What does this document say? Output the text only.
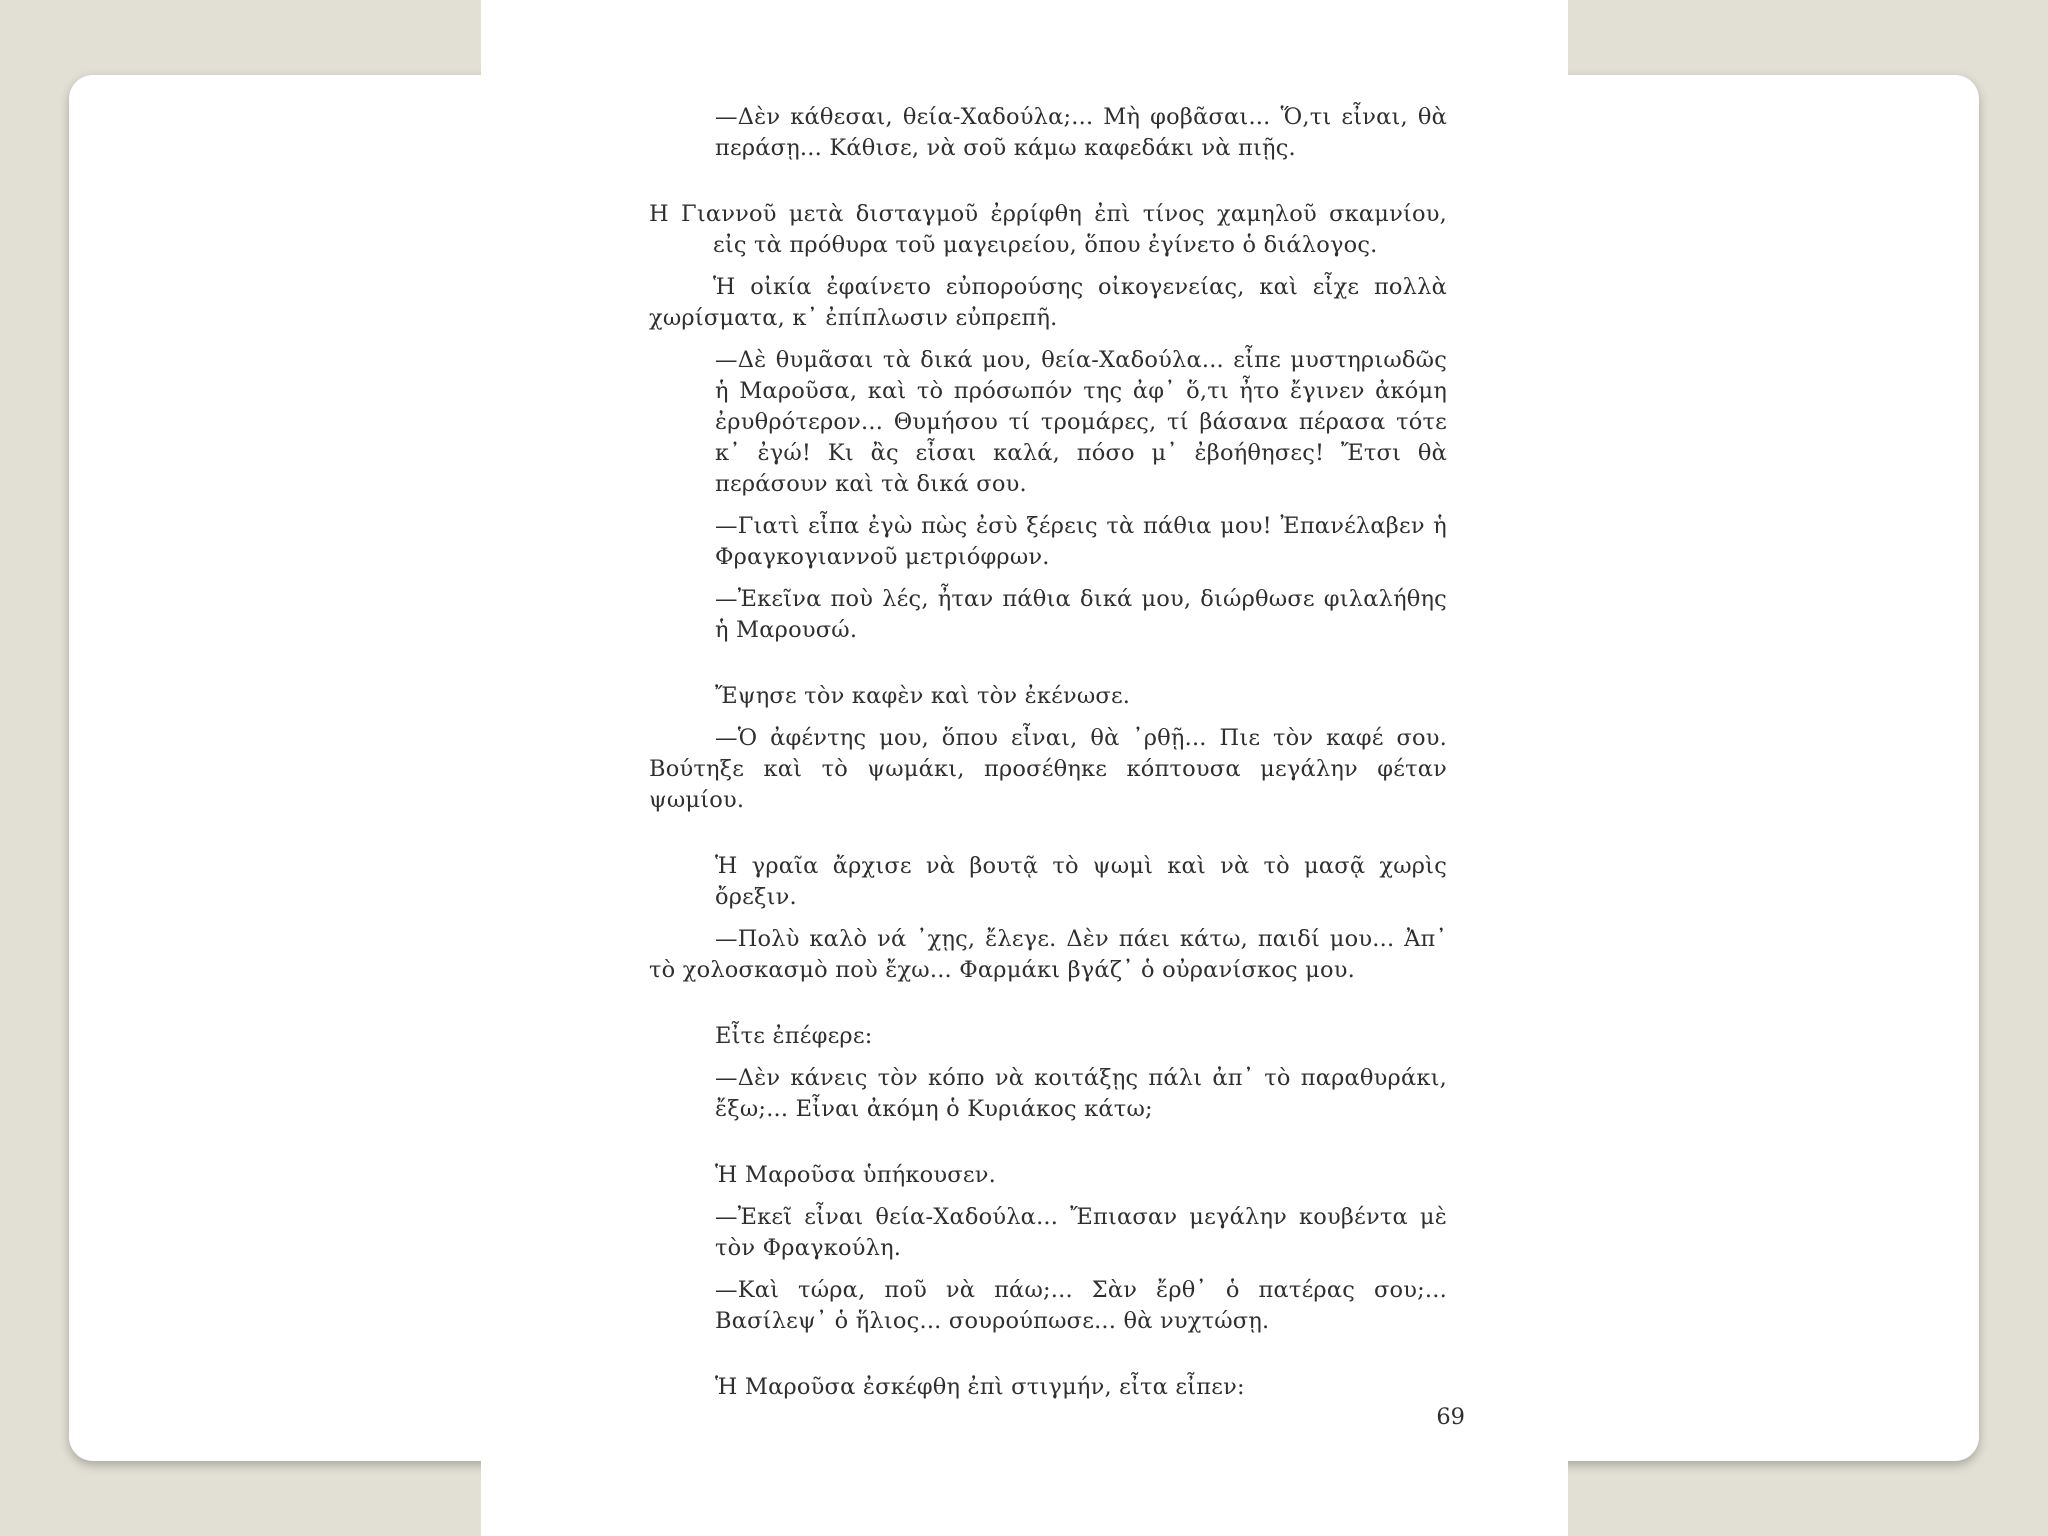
—Δὲν κάθεσαι, θεία-Χαδούλα;... Μὴ φοβᾶσαι... Ὅ,τι εἶναι, θὰ περάσῃ... Κάθισε, νὰ σοῦ κάμω καφεδάκι νὰ πιῇς.

Η Γιαννοῦ μετὰ δισταγμοῦ ἐρρίφθη ἐπὶ τίνος χαμηλοῦ σκαμνίου, εἰς τὰ πρόθυρα τοῦ μαγειρείου, ὅπου ἐγίνετο ὁ διάλογος.

Ἡ οἰκία ἐφαίνετο εὐπορούσης οἰκογενείας, καὶ εἶχε πολλὰ χωρίσματα, κ᾽ ἐπίπλωσιν εὐπρεπῆ.

—Δὲ θυμᾶσαι τὰ δικά μου, θεία-Χαδούλα... εἶπε μυστηριωδῶς ἡ Μαροῦσα, καὶ τὸ πρόσωπόν της ἀφ᾽ ὅ,τι ἦτο ἔγινεν ἀκόμη ἐρυθρότερον... Θυμήσου τί τρομάρες, τί βάσανα πέρασα τότε κ᾽ ἐγώ! Κι ἂς εἶσαι καλά, πόσο μ᾽ ἐβοήθησες! Ἔτσι θὰ περάσουν καὶ τὰ δικά σου.

—Γιατὶ εἶπα ἐγὼ πὼς ἐσὺ ξέρεις τὰ πάθια μου! Ἐπανέλαβεν ἡ Φραγκογιαννοῦ μετριόφρων.

—Ἐκεῖνα ποὺ λές, ἦταν πάθια δικά μου, διώρθωσε φιλαλήθης ἡ Μαρουσώ.

Ἔψησε τὸν καφὲν καὶ τὸν ἐκένωσε.

—Ὁ ἀφέντης μου, ὅπου εἶναι, θὰ ᾽ρθῇ... Πιε τὸν καφέ σου. Βούτηξε καὶ τὸ ψωμάκι, προσέθηκε κόπτουσα μεγάλην φέταν ψωμίου.

Ἡ γραῖα ἄρχισε νὰ βουτᾷ τὸ ψωμὶ καὶ νὰ τὸ μασᾷ χωρὶς ὄρεξιν.

—Πολὺ καλὸ νά ᾽χῃς, ἔλεγε. Δὲν πάει κάτω, παιδί μου... Ἀπ᾽ τὸ χολοσκασμὸ ποὺ ἔχω... Φαρμάκι βγάζ᾽ ὁ οὐρανίσκος μου.

Εἶτε ἐπέφερε:

—Δὲν κάνεις τὸν κόπο νὰ κοιτάξῃς πάλι ἀπ᾽ τὸ παραθυράκι, ἔξω;... Εἶναι ἀκόμη ὁ Κυριάκος κάτω;

Ἡ Μαροῦσα ὑπήκουσεν.

—Ἐκεῖ εἶναι θεία-Χαδούλα... Ἔπιασαν μεγάλην κουβέντα μὲ τὸν Φραγκούλη.

—Καὶ τώρα, ποῦ νὰ πάω;... Σὰν ἔρθ᾽ ὁ πατέρας σου;... Βασίλεψ᾽ ὁ ἥλιος... σουρούπωσε... θὰ νυχτώσῃ.

Ἡ Μαροῦσα ἐσκέφθη ἐπὶ στιγμήν, εἶτα εἶπεν:

69
